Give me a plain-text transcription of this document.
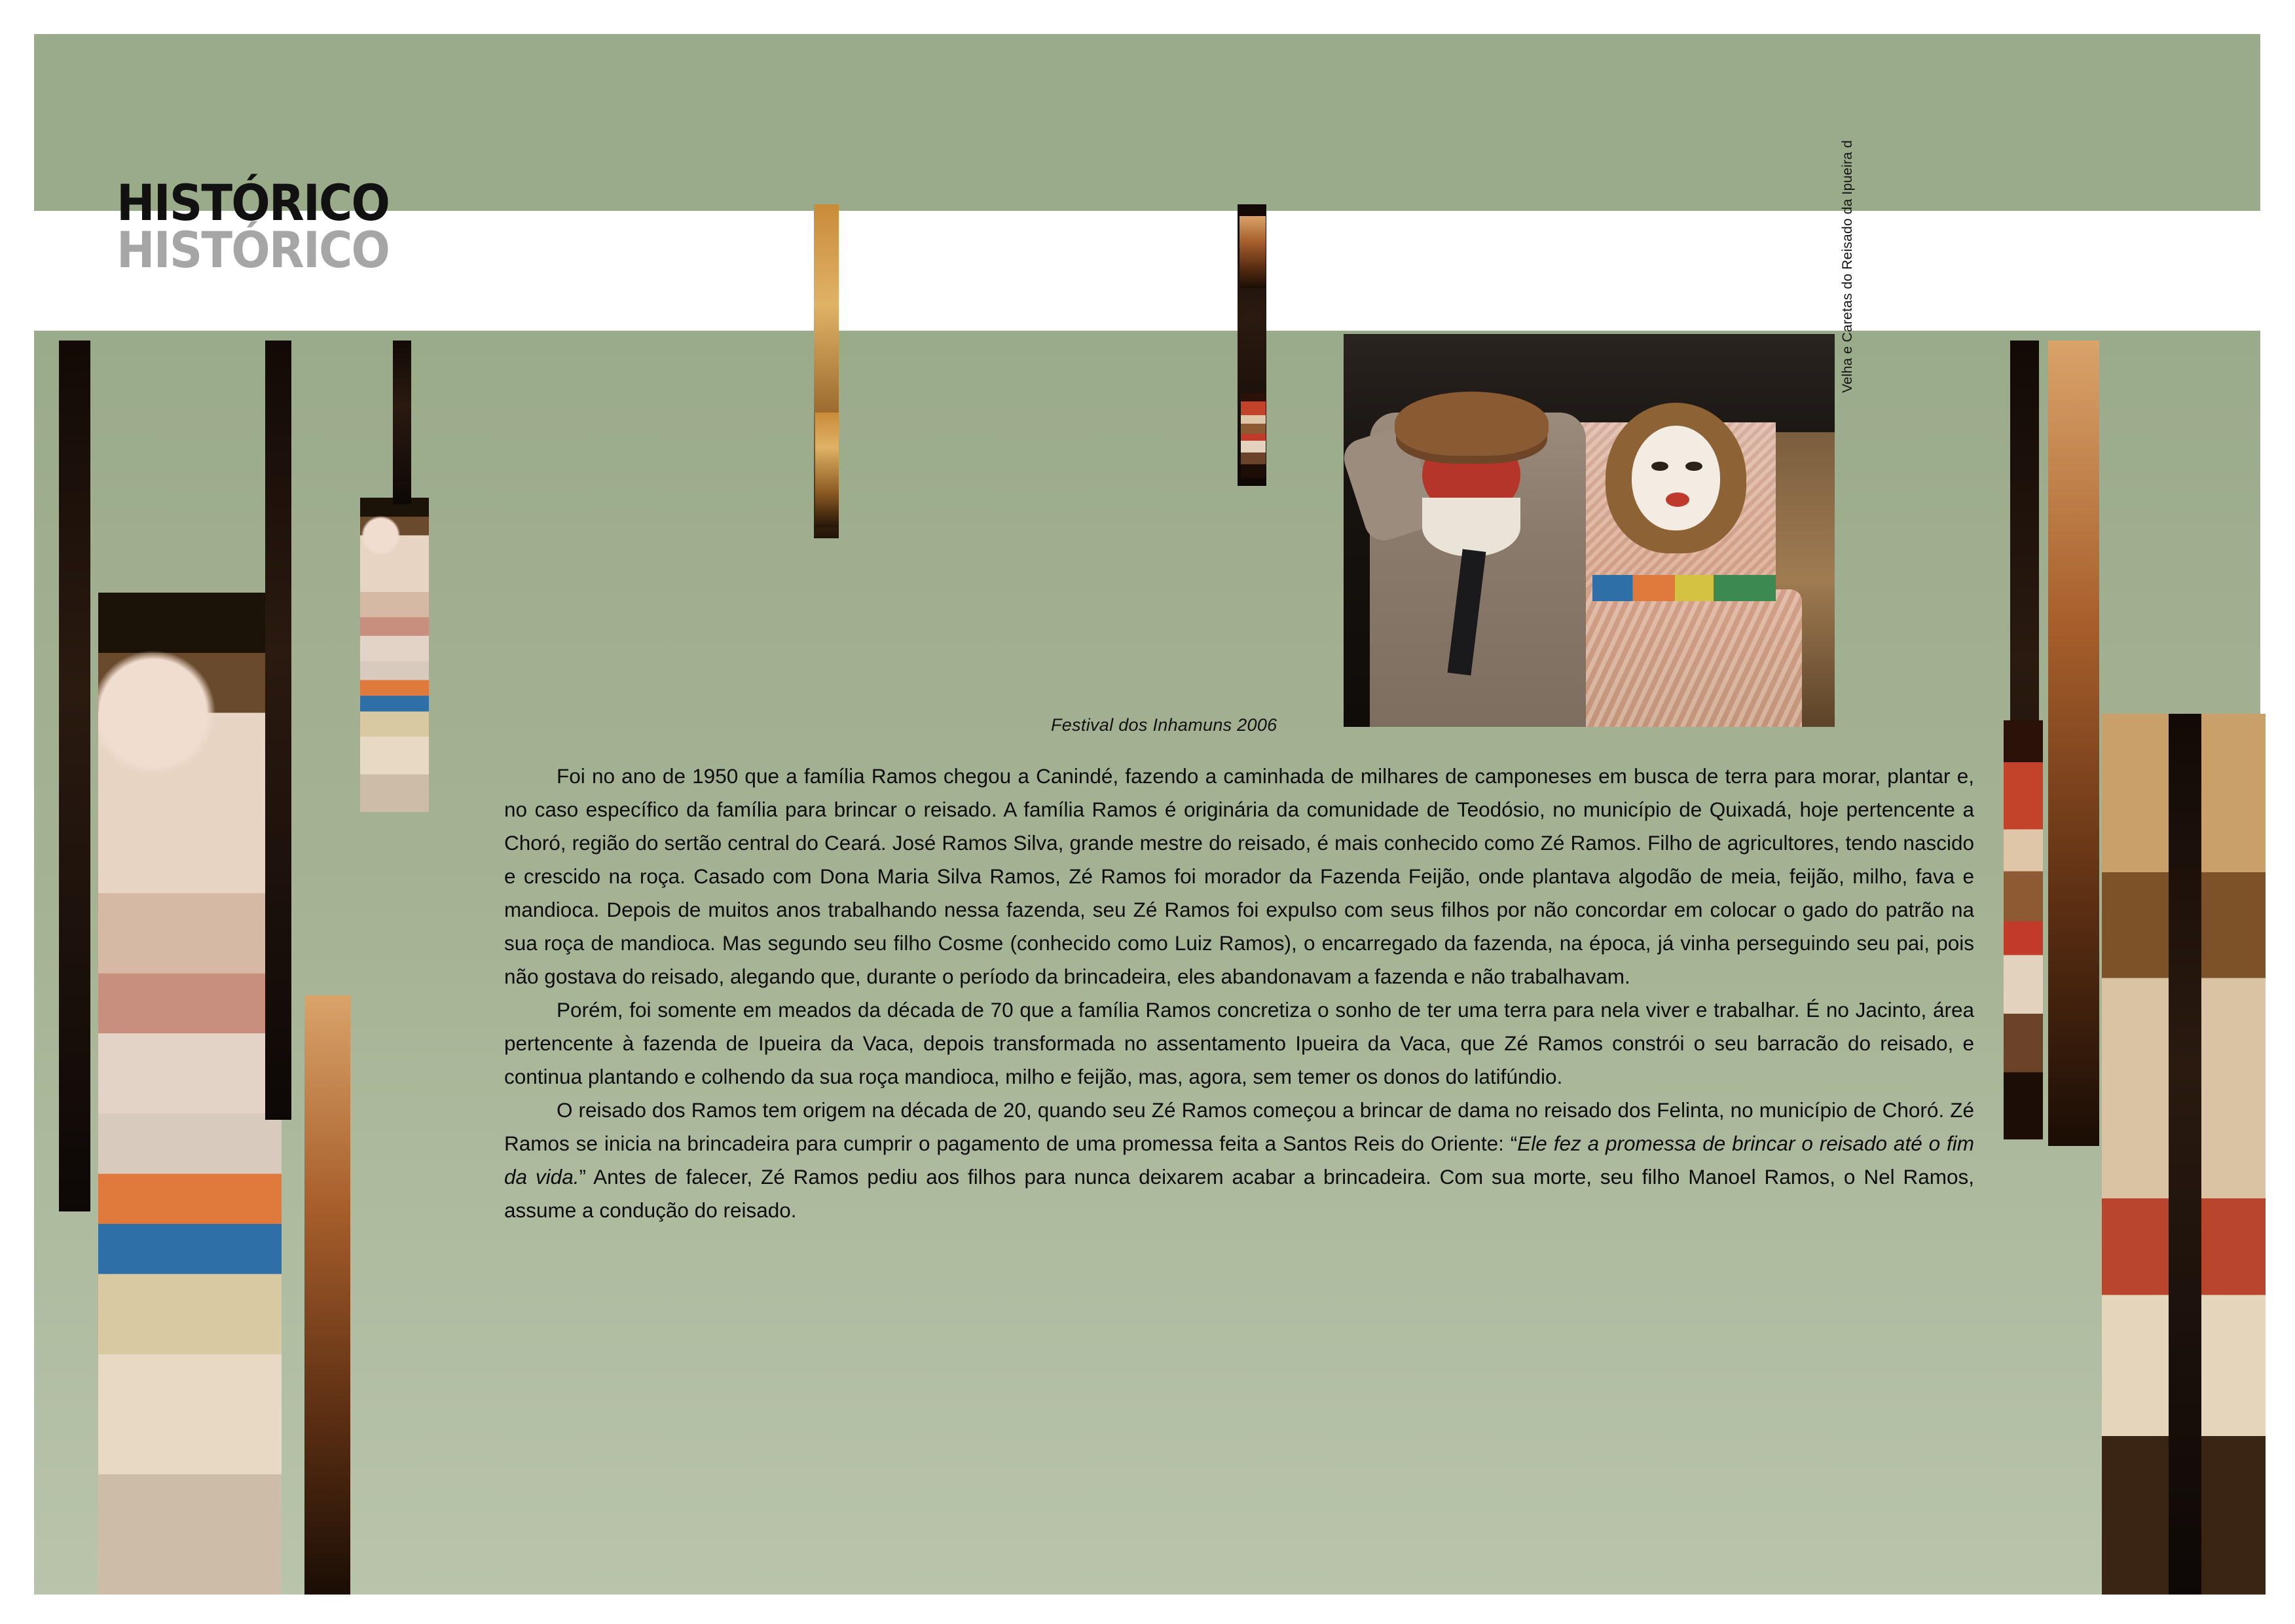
HISTÓRICO
HISTÓRICO	Velha e Caretas do Reisado da Ipueira d
Festival dos Inhamuns 2006

Foi no ano de 1950 que a família Ramos chegou a Canindé, fazendo a caminhada de milhares de camponeses em busca de terra para morar, plantar e, no caso específico da família para brincar o reisado. A família Ramos é originária da comunidade de Teodósio, no município de Quixadá, hoje pertencente a Choró, região do sertão central do Ceará. José Ramos Silva, grande mestre do reisado, é mais conhecido como Zé Ramos. Filho de agricultores, tendo nascido e crescido na roça. Casado com Dona Maria Silva Ramos, Zé Ramos foi morador da Fazenda Feijão, onde plantava algodão de meia, feijão, milho, fava e mandioca. Depois de muitos anos trabalhando nessa fazenda, seu Zé Ramos foi expulso com seus filhos por não concordar em colocar o gado do patrão na sua roça de mandioca. Mas segundo seu filho Cosme (conhecido como Luiz Ramos), o encarregado da fazenda, na época, já vinha perseguindo seu pai, pois não gostava do reisado, alegando que, durante o período da brincadeira, eles abandonavam a fazenda e não trabalhavam.

Porém, foi somente em meados da década de 70 que a família Ramos concretiza o sonho de ter uma terra para nela viver e trabalhar. É no Jacinto, área pertencente à fazenda de Ipueira da Vaca, depois transformada no assentamento Ipueira da Vaca, que Zé Ramos constrói o seu barracão do reisado, e continua plantando e colhendo da sua roça mandioca, milho e feijão, mas, agora, sem temer os donos do latifúndio.

O reisado dos Ramos tem origem na década de 20, quando seu Zé Ramos começou a brincar de dama no reisado dos Felinta, no município de Choró. Zé Ramos se inicia na brincadeira para cumprir o pagamento de uma promessa feita a Santos Reis do Oriente: “Ele fez a promessa de brincar o reisado até o fim da vida.” Antes de falecer, Zé Ramos pediu aos filhos para nunca deixarem acabar a brincadeira. Com sua morte, seu filho Manoel Ramos, o Nel Ramos, assume a condução do reisado.
